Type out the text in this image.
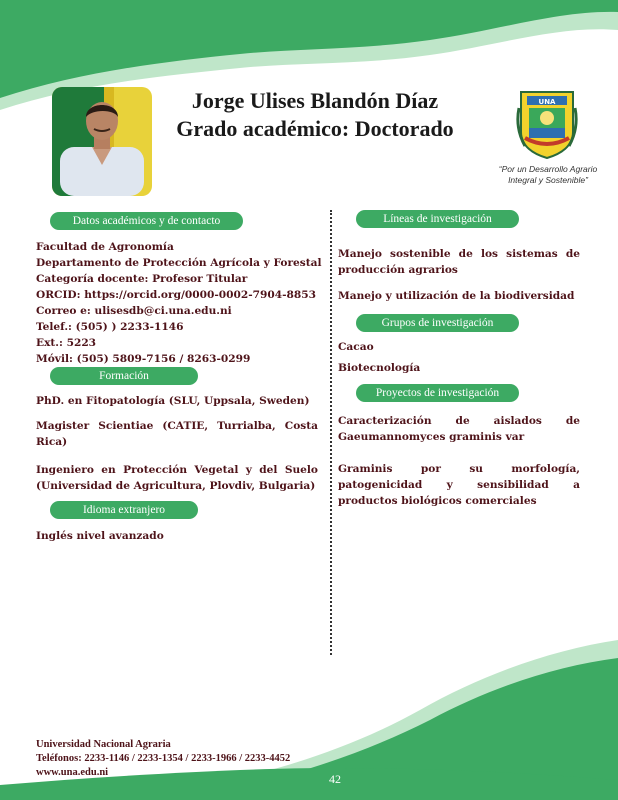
Jorge Ulises Blandón Díaz
Grado académico: Doctorado
UNA
“Por un Desarrollo Agrario
Integral y Sostenible”
Datos académicos y de contacto
Facultad de Agronomía
Departamento de Protección Agrícola y Forestal
Categoría docente: Profesor Titular
ORCID: https://orcid.org/0000-0002-7904-8853
Correo e: ulisesdb@ci.una.edu.ni
Telef.: (505) ) 2233-1146
Ext.: 5223
Móvil: (505) 5809-7156 / 8263-0299
Formación
PhD. en Fitopatología (SLU, Uppsala, Sweden)
Magister Scientiae (CATIE, Turrialba, Costa Rica)
Ingeniero en Protección Vegetal y del Suelo (Universidad de Agricultura, Plovdiv, Bulgaria)
Idioma extranjero
Inglés nivel avanzado
Líneas de investigación
Manejo sostenible de los sistemas de producción agrarios
Manejo y utilización de la biodiversidad
Grupos de investigación
Cacao
Biotecnología
Proyectos de investigación
Caracterización de aislados de Gaeumannomyces graminis var
Graminis por su morfología, patogenicidad y sensibilidad a productos biológicos comerciales
Universidad Nacional Agraria
Teléfonos: 2233-1146 / 2233-1354 / 2233-1966 / 2233-4452
www.una.edu.ni	42
